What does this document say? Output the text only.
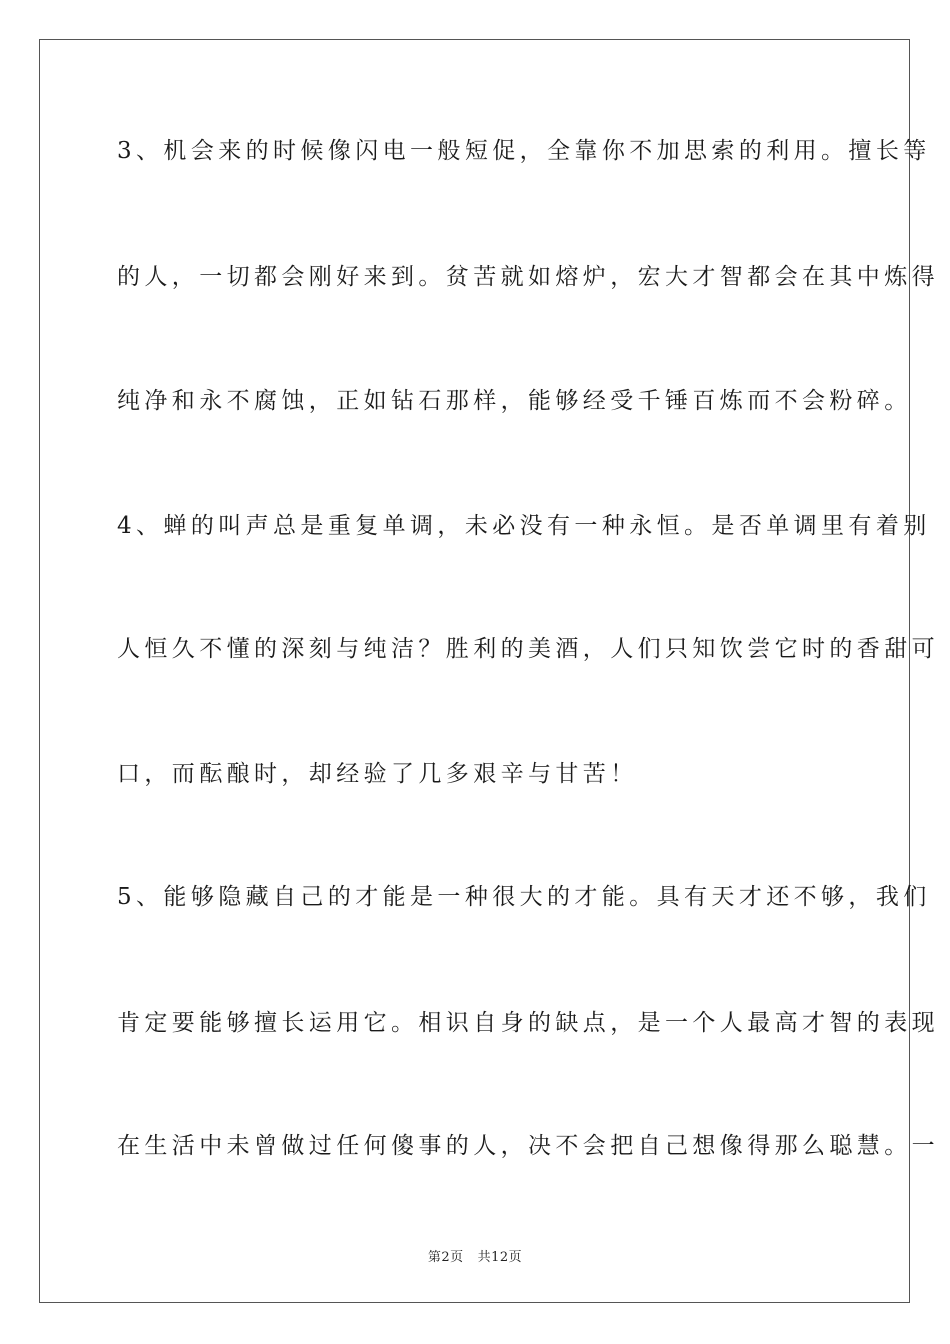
3、机会来的时候像闪电一般短促，全靠你不加思索的利用。擅长等
的人，一切都会刚好来到。贫苦就如熔炉，宏大才智都会在其中炼得
纯净和永不腐蚀，正如钻石那样，能够经受千锤百炼而不会粉碎。
4、蝉的叫声总是重复单调，未必没有一种永恒。是否单调里有着别
人恒久不懂的深刻与纯洁？胜利的美酒，人们只知饮尝它时的香甜可
口，而酝酿时，却经验了几多艰辛与甘苦！
5、能够隐藏自己的才能是一种很大的才能。具有天才还不够，我们
肯定要能够擅长运用它。相识自身的缺点，是一个人最高才智的表现
在生活中未曾做过任何傻事的人，决不会把自己想像得那么聪慧。一
第2页 共12页
